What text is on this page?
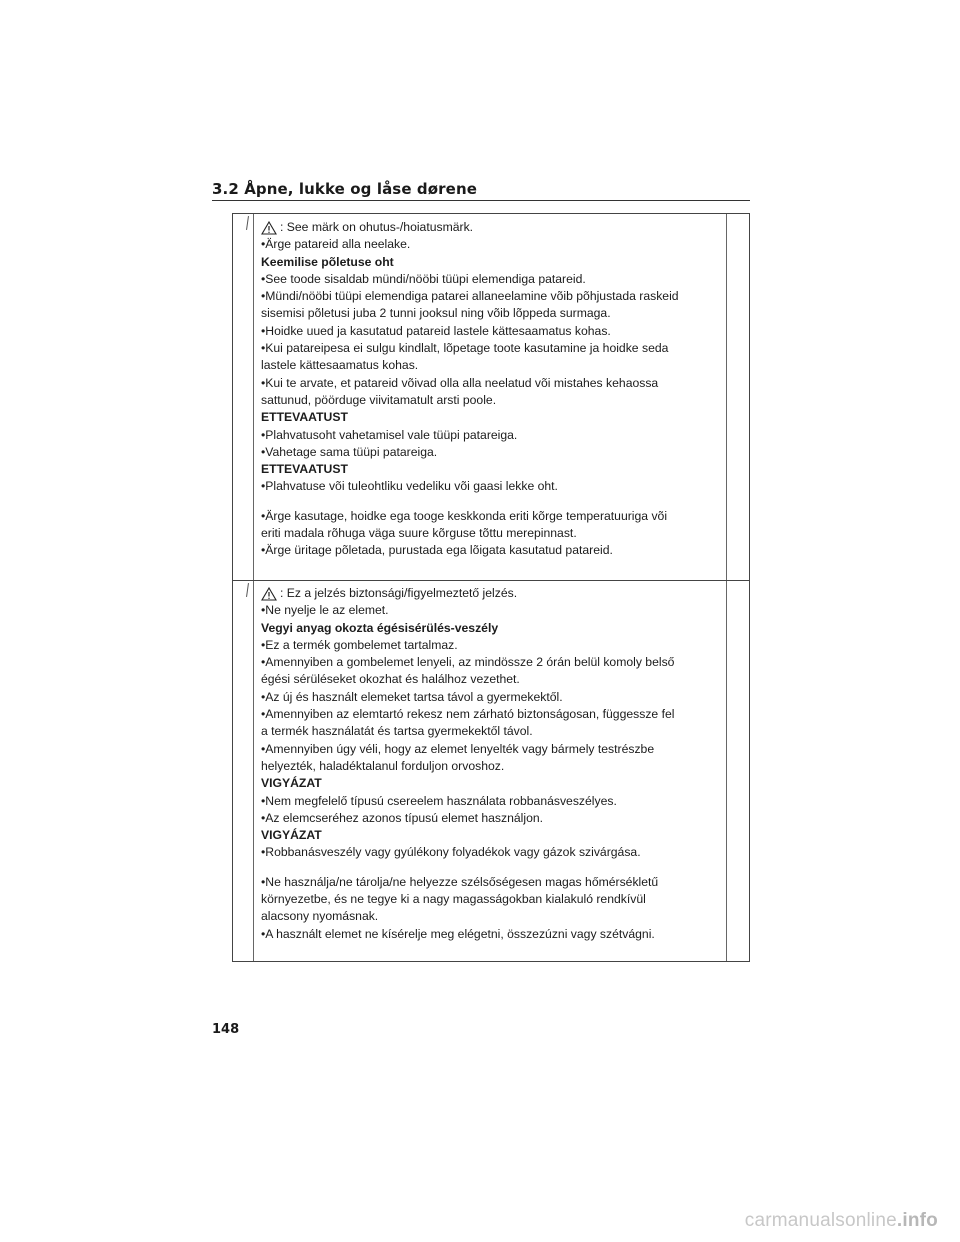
3.2 Åpne, lukke og låse dørene
: See märk on ohutus-/hoiatusmärk.
•Ärge patareid alla neelake.
Keemilise põletuse oht
•See toode sisaldab mündi/nööbi tüüpi elemendiga patareid.
•Mündi/nööbi tüüpi elemendiga patarei allaneelamine võib põhjustada raskeid
sisemisi põletusi juba 2 tunni jooksul ning võib lõppeda surmaga.
•Hoidke uued ja kasutatud patareid lastele kättesaamatus kohas.
•Kui patareipesa ei sulgu kindlalt, lõpetage toote kasutamine ja hoidke seda
lastele kättesaamatus kohas.
•Kui te arvate, et patareid võivad olla alla neelatud või mistahes kehaossa
sattunud, pöörduge viivitamatult arsti poole.
ETTEVAATUST
•Plahvatusoht vahetamisel vale tüüpi patareiga.
•Vahetage sama tüüpi patareiga.
ETTEVAATUST
•Plahvatuse või tuleohtliku vedeliku või gaasi lekke oht.
•Ärge kasutage, hoidke ega tooge keskkonda eriti kõrge temperatuuriga või
eriti madala rõhuga väga suure kõrguse tõttu merepinnast.
•Ärge üritage põletada, purustada ega lõigata kasutatud patareid.
: Ez a jelzés biztonsági/figyelmeztető jelzés.
•Ne nyelje le az elemet.
Vegyi anyag okozta égésisérülés-veszély
•Ez a termék gombelemet tartalmaz.
•Amennyiben a gombelemet lenyeli, az mindössze 2 órán belül komoly belső
égési sérüléseket okozhat és halálhoz vezethet.
•Az új és használt elemeket tartsa távol a gyermekektől.
•Amennyiben az elemtartó rekesz nem zárható biztonságosan, függessze fel
a termék használatát és tartsa gyermekektől távol.
•Amennyiben úgy véli, hogy az elemet lenyelték vagy bármely testrészbe
helyezték, haladéktalanul forduljon orvoshoz.
VIGYÁZAT
•Nem megfelelő típusú csereelem használata robbanásveszélyes.
•Az elemcseréhez azonos típusú elemet használjon.
VIGYÁZAT
•Robbanásveszély vagy gyúlékony folyadékok vagy gázok szivárgása.
•Ne használja/ne tárolja/ne helyezze szélsőségesen magas hőmérsékletű
környezetbe, és ne tegye ki a nagy magasságokban kialakuló rendkívül
alacsony nyomásnak.
•A használt elemet ne kísérelje meg elégetni, összezúzni vagy szétvágni.
148
carmanualsonline.info
